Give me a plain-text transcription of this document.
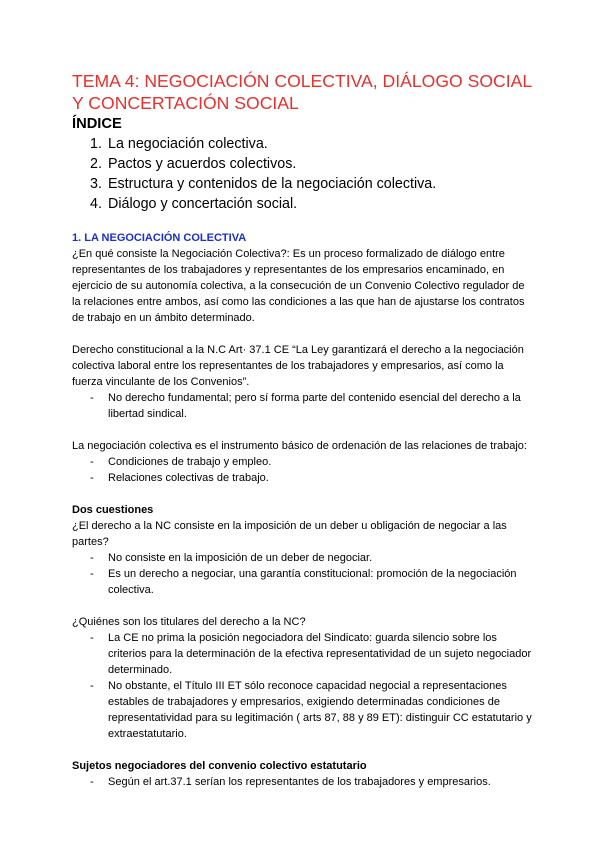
TEMA 4: NEGOCIACIÓN COLECTIVA, DIÁLOGO SOCIAL Y CONCERTACIÓN SOCIAL
ÍNDICE
1. La negociación colectiva.
2. Pactos y acuerdos colectivos.
3. Estructura y contenidos de la negociación colectiva.
4. Diálogo y concertación social.
1. LA NEGOCIACIÓN COLECTIVA

¿En qué consiste la Negociación Colectiva?: Es un proceso formalizado de diálogo entre representantes de los trabajadores y representantes de los empresarios encaminado, en ejercicio de su autonomía colectiva, a la consecución de un Convenio Colectivo regulador de la relaciones entre ambos, así como las condiciones a las que han de ajustarse los contratos de trabajo en un ámbito determinado.

Derecho constitucional a la N.C Art· 37.1 CE “La Ley garantizará el derecho a la negociación colectiva laboral entre los representantes de los trabajadores y empresarios, así como la fuerza vinculante de los Convenios”.

- No derecho fundamental; pero sí forma parte del contenido esencial del derecho a la libertad sindical.

La negociación colectiva es el instrumento básico de ordenación de las relaciones de trabajo:

- Condiciones de trabajo y empleo.
- Relaciones colectivas de trabajo.
Dos cuestiones

¿El derecho a la NC consiste en la imposición de un deber u obligación de negociar a las partes?

- No consiste en la imposición de un deber de negociar.
- Es un derecho a negociar, una garantía constitucional: promoción de la negociación colectiva.

¿Quiénes son los titulares del derecho a la NC?

- La CE no prima la posición negociadora del Sindicato: guarda silencio sobre los criterios para la determinación de la efectiva representatividad de un sujeto negociador determinado.
- No obstante, el Título III ET sólo reconoce capacidad negocial a representaciones estables de trabajadores y empresarios, exigiendo determinadas condiciones de representatividad para su legitimación ( arts 87, 88 y 89 ET): distinguir CC estatutario y extraestatutario.
Sujetos negociadores del convenio colectivo estatutario
- Según el art.37.1 serían los representantes de los trabajadores y empresarios.
